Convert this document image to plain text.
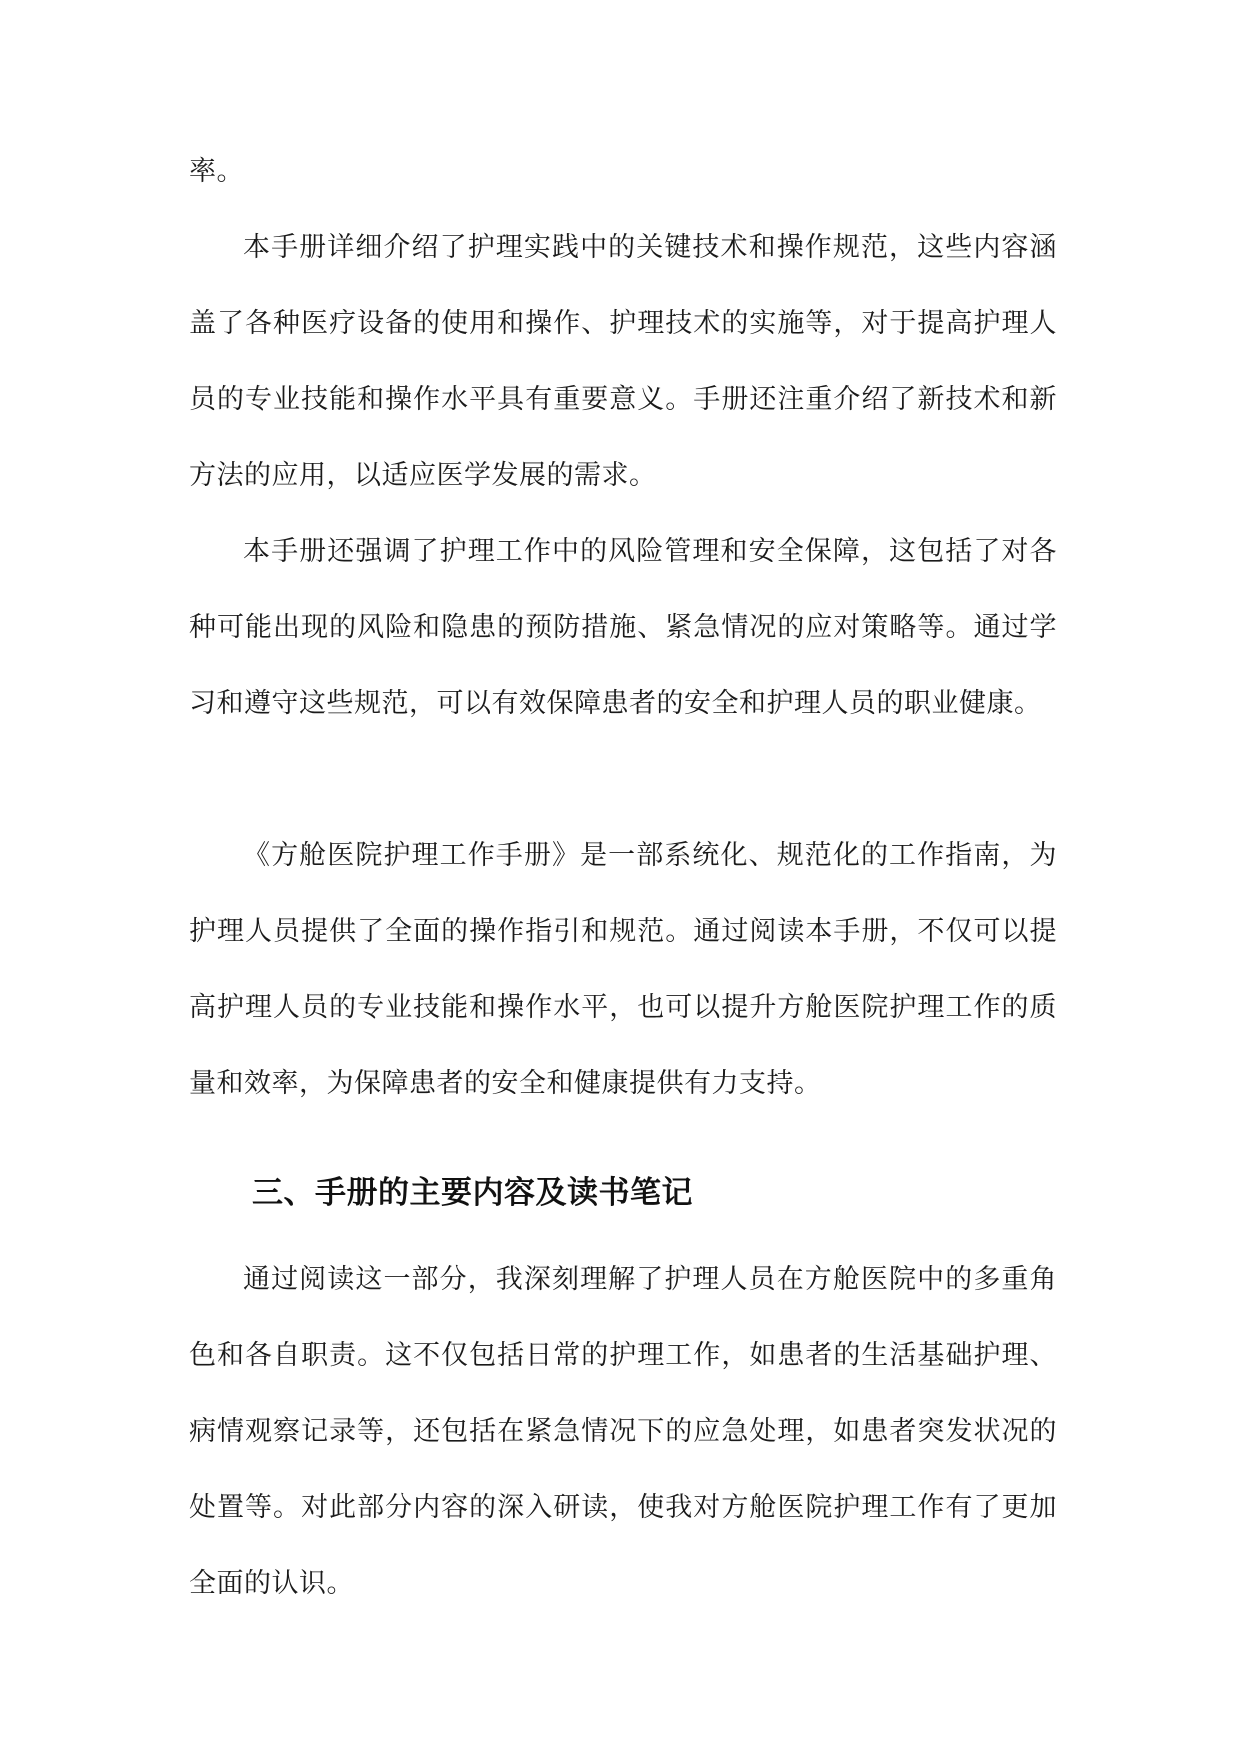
率。

本手册详细介绍了护理实践中的关键技术和操作规范，这些内容涵盖了各种医疗设备的使用和操作、护理技术的实施等，对于提高护理人员的专业技能和操作水平具有重要意义。手册还注重介绍了新技术和新方法的应用，以适应医学发展的需求。

本手册还强调了护理工作中的风险管理和安全保障，这包括了对各种可能出现的风险和隐患的预防措施、紧急情况的应对策略等。通过学习和遵守这些规范，可以有效保障患者的安全和护理人员的职业健康。

《方舱医院护理工作手册》是一部系统化、规范化的工作指南，为护理人员提供了全面的操作指引和规范。通过阅读本手册，不仅可以提高护理人员的专业技能和操作水平，也可以提升方舱医院护理工作的质量和效率，为保障患者的安全和健康提供有力支持。

三、手册的主要内容及读书笔记

通过阅读这一部分，我深刻理解了护理人员在方舱医院中的多重角色和各自职责。这不仅包括日常的护理工作，如患者的生活基础护理、病情观察记录等，还包括在紧急情况下的应急处理，如患者突发状况的处置等。对此部分内容的深入研读，使我对方舱医院护理工作有了更加全面的认识。
